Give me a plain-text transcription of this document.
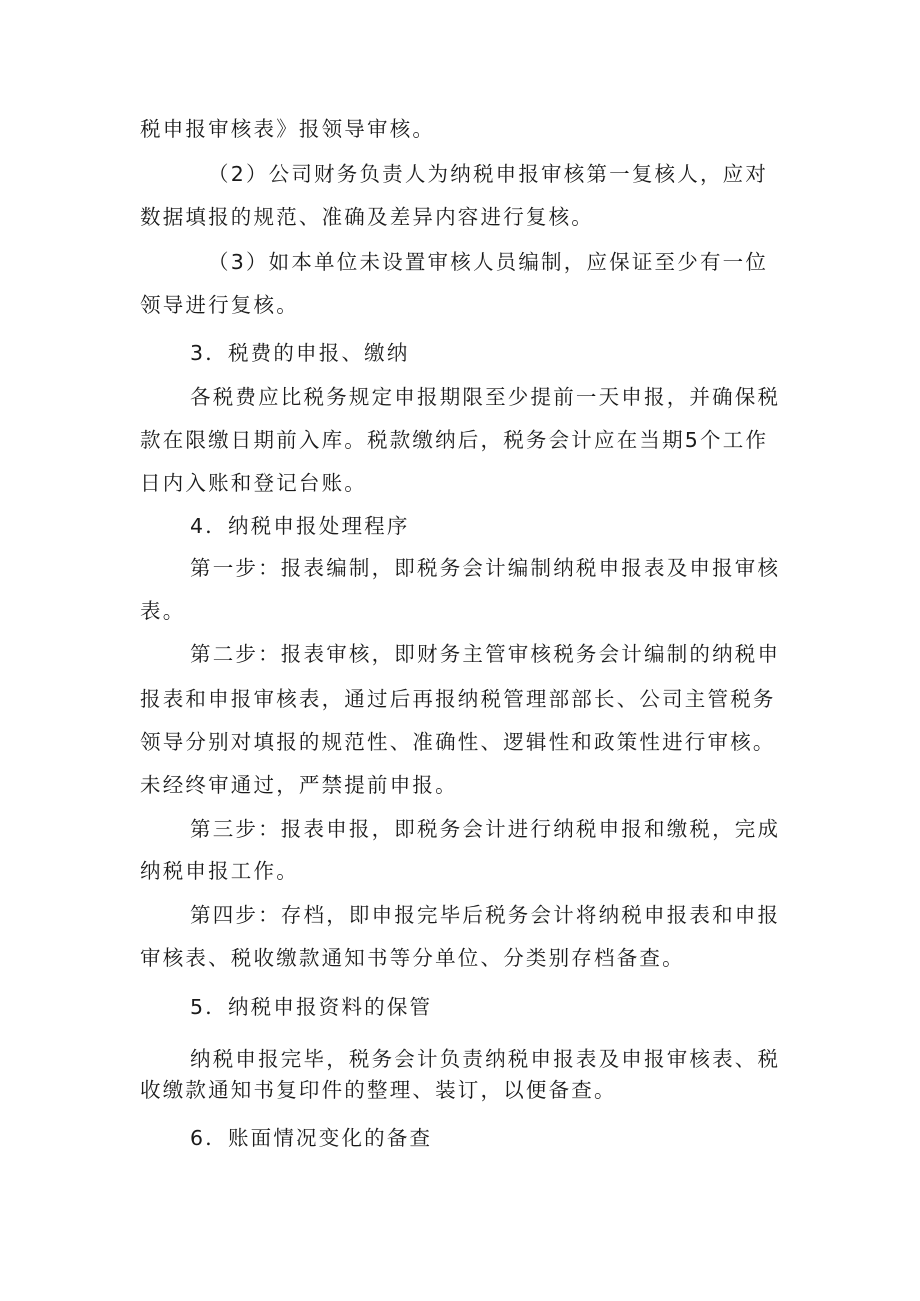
税申报审核表》报领导审核。
（2）公司财务负责人为纳税申报审核第一复核人，应对
数据填报的规范、准确及差异内容进行复核。
（3）如本单位未设置审核人员编制，应保证至少有一位
领导进行复核。
3．税费的申报、缴纳
各税费应比税务规定申报期限至少提前一天申报，并确保税
款在限缴日期前入库。税款缴纳后，税务会计应在当期5个工作
日内入账和登记台账。
4．纳税申报处理程序
第一步：报表编制，即税务会计编制纳税申报表及申报审核
表。
第二步：报表审核，即财务主管审核税务会计编制的纳税申
报表和申报审核表，通过后再报纳税管理部部长、公司主管税务
领导分别对填报的规范性、准确性、逻辑性和政策性进行审核。
未经终审通过，严禁提前申报。
第三步：报表申报，即税务会计进行纳税申报和缴税，完成
纳税申报工作。
第四步：存档，即申报完毕后税务会计将纳税申报表和申报
审核表、税收缴款通知书等分单位、分类别存档备查。
5．纳税申报资料的保管
纳税申报完毕，税务会计负责纳税申报表及申报审核表、税
收缴款通知书复印件的整理、装订，以便备查。
6．账面情况变化的备查
